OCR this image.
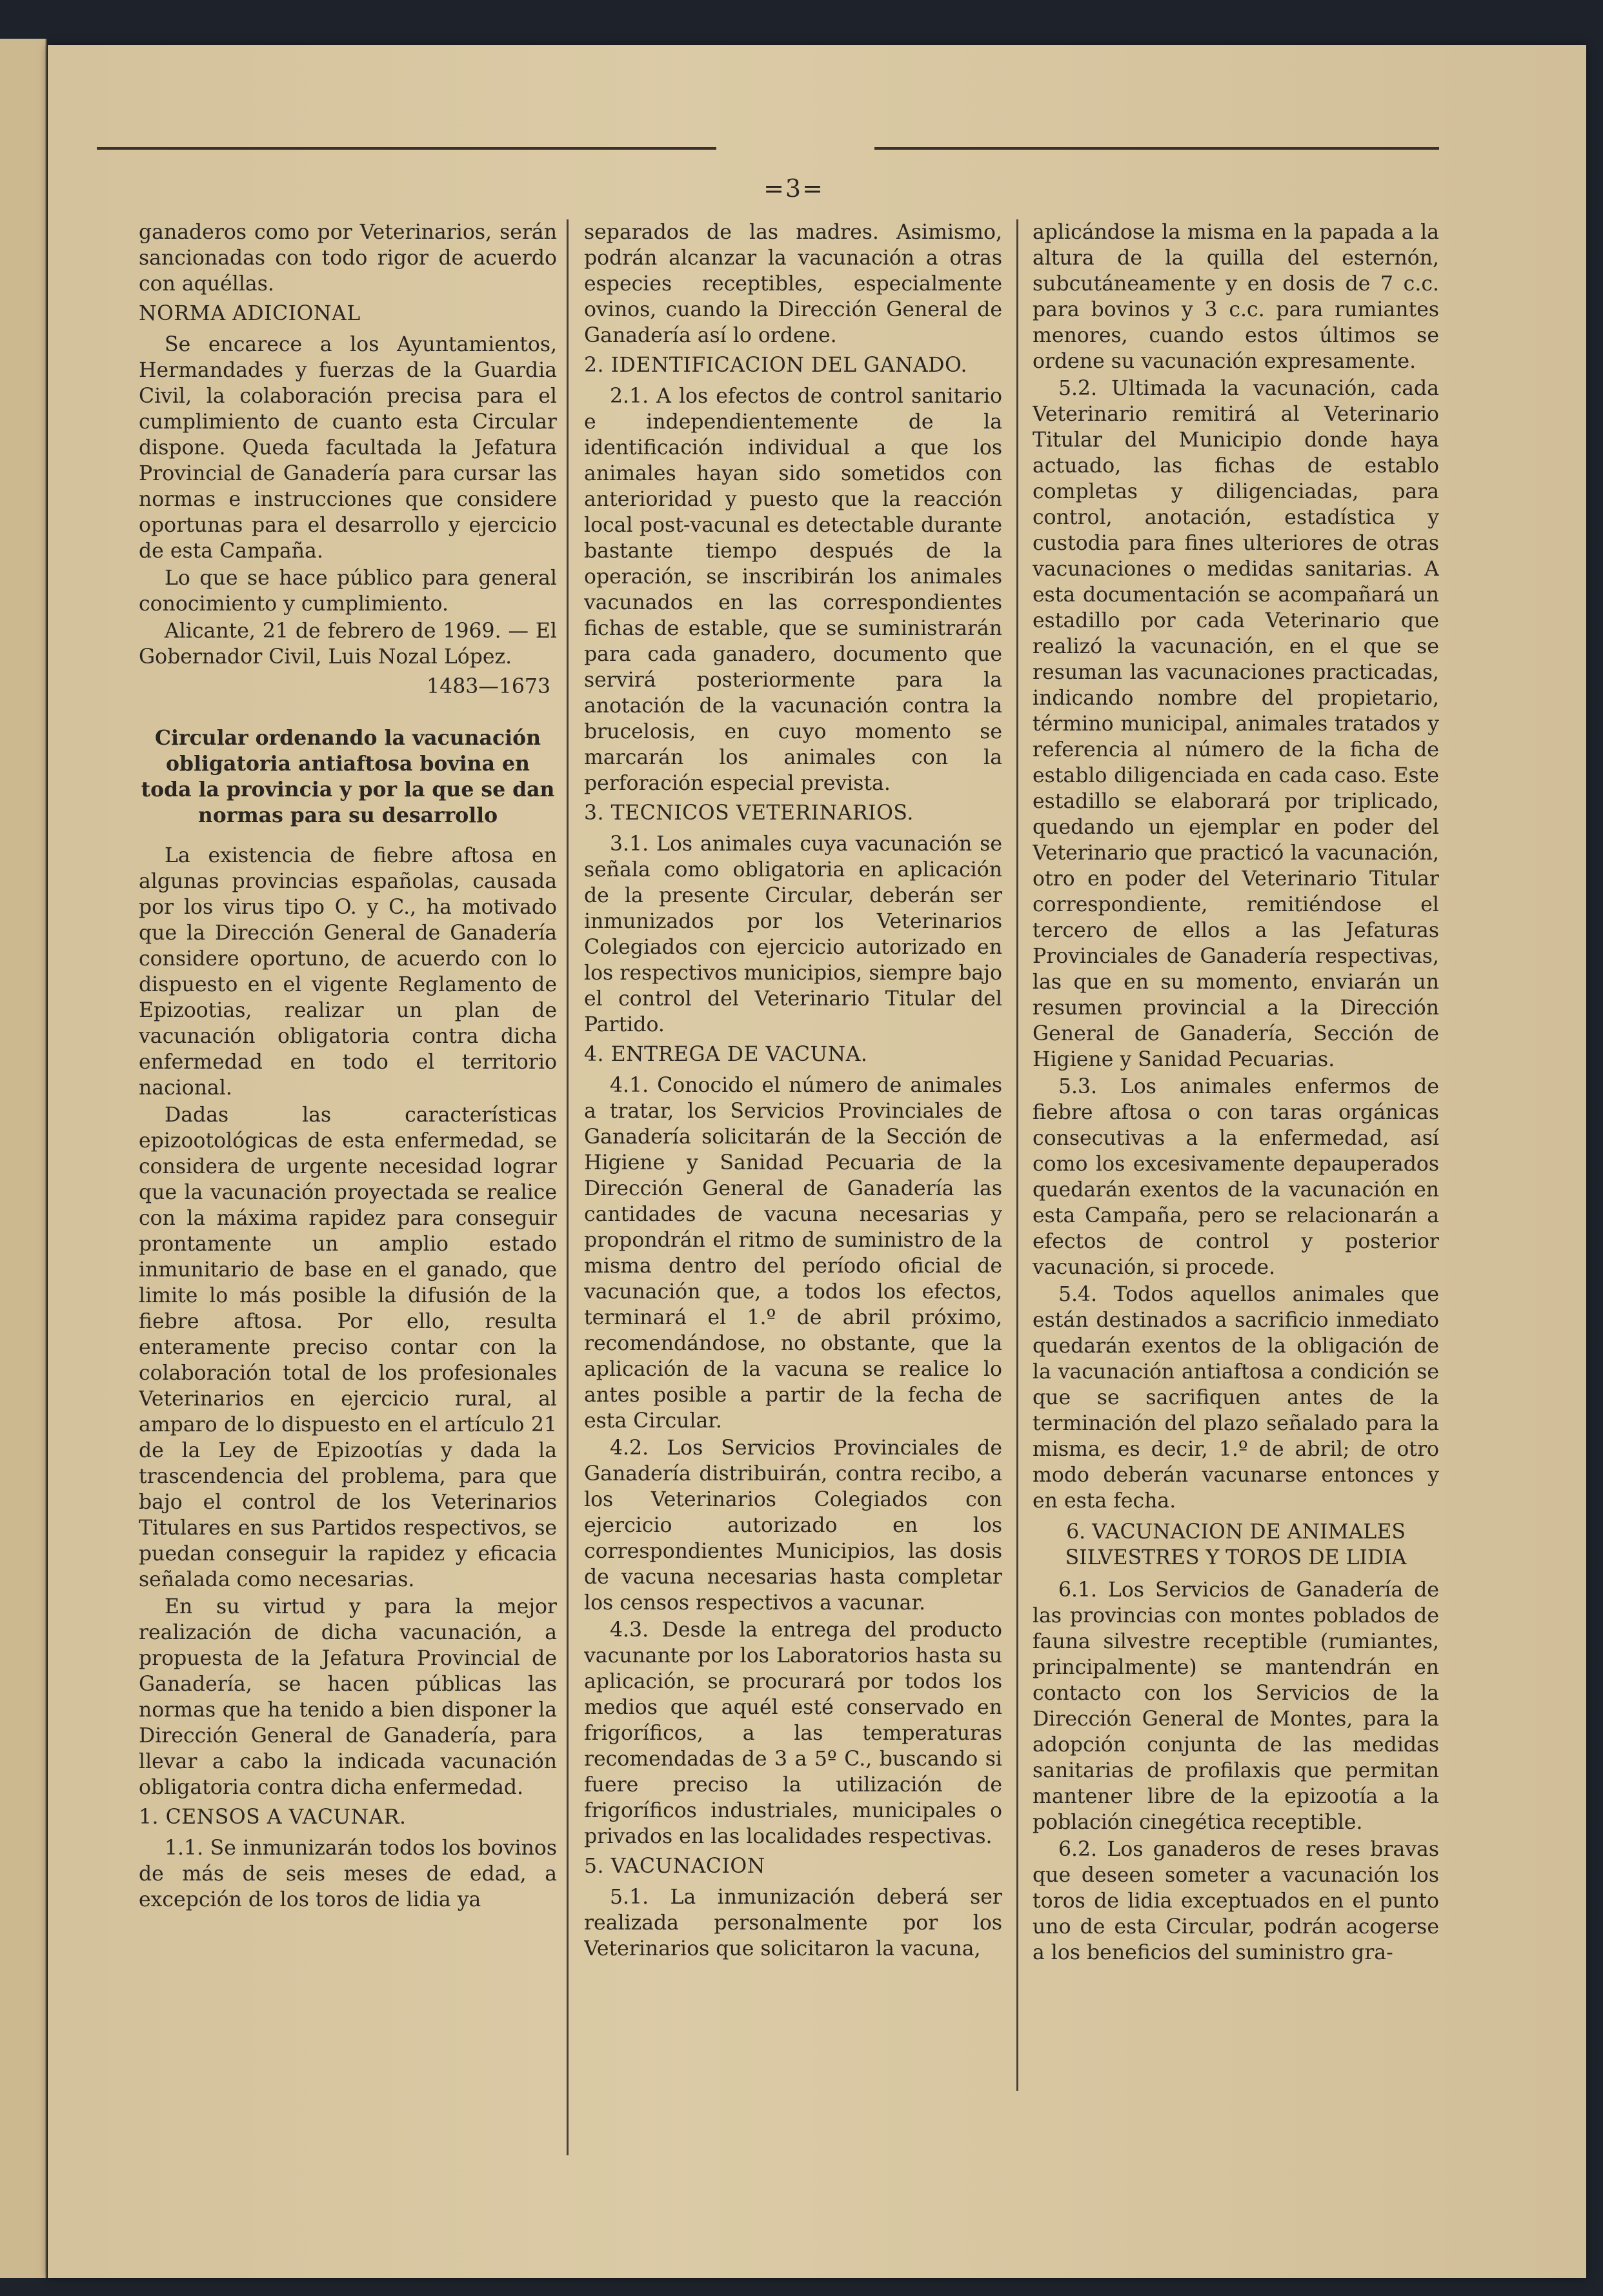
=3=

ganaderos como por Veterinarios, serán sancionadas con todo rigor de acuerdo con aquéllas.

NORMA ADICIONAL

Se encarece a los Ayuntamientos, Hermandades y fuerzas de la Guardia Civil, la colaboración precisa para el cumplimiento de cuanto esta Circular dispone. Queda facultada la Jefatura Provincial de Ganadería para cursar las normas e instrucciones que considere oportunas para el desarrollo y ejercicio de esta Campaña.

Lo que se hace público para general conocimiento y cumplimiento.

Alicante, 21 de febrero de 1969. — El Gobernador Civil, Luis Nozal López.

1483—1673

Circular ordenando la vacunación obligatoria antiaftosa bovina en toda la provincia y por la que se dan normas para su desarrollo

La existencia de fiebre aftosa en algunas provincias españolas, causada por los virus tipo O. y C., ha motivado que la Dirección General de Ganadería considere oportuno, de acuerdo con lo dispuesto en el vigente Reglamento de Epizootias, realizar un plan de vacunación obligatoria contra dicha enfermedad en todo el territorio nacional.

Dadas las características epizootológicas de esta enfermedad, se considera de urgente necesidad lograr que la vacunación proyectada se realice con la máxima rapidez para conseguir prontamente un amplio estado inmunitario de base en el ganado, que limite lo más posible la difusión de la fiebre aftosa. Por ello, resulta enteramente preciso contar con la colaboración total de los profesionales Veterinarios en ejercicio rural, al amparo de lo dispuesto en el artículo 21 de la Ley de Epizootías y dada la trascendencia del problema, para que bajo el control de los Veterinarios Titulares en sus Partidos respectivos, se puedan conseguir la rapidez y eficacia señalada como necesarias.

En su virtud y para la mejor realización de dicha vacunación, a propuesta de la Jefatura Provincial de Ganadería, se hacen públicas las normas que ha tenido a bien disponer la Dirección General de Ganadería, para llevar a cabo la indicada vacunación obligatoria contra dicha enfermedad.

1. CENSOS A VACUNAR.

1.1. Se inmunizarán todos los bovinos de más de seis meses de edad, a excepción de los toros de lidia ya

separados de las madres. Asimismo, podrán alcanzar la vacunación a otras especies receptibles, especialmente ovinos, cuando la Dirección General de Ganadería así lo ordene.

2. IDENTIFICACION DEL GANADO.

2.1. A los efectos de control sanitario e independientemente de la identificación individual a que los animales hayan sido sometidos con anterioridad y puesto que la reacción local post-vacunal es detectable durante bastante tiempo después de la operación, se inscribirán los animales vacunados en las correspondientes fichas de estable, que se suministrarán para cada ganadero, documento que servirá posteriormente para la anotación de la vacunación contra la brucelosis, en cuyo momento se marcarán los animales con la perforación especial prevista.

3. TECNICOS VETERINARIOS.

3.1. Los animales cuya vacunación se señala como obligatoria en aplicación de la presente Circular, deberán ser inmunizados por los Veterinarios Colegiados con ejercicio autorizado en los respectivos municipios, siempre bajo el control del Veterinario Titular del Partido.

4. ENTREGA DE VACUNA.

4.1. Conocido el número de animales a tratar, los Servicios Provinciales de Ganadería solicitarán de la Sección de Higiene y Sanidad Pecuaria de la Dirección General de Ganadería las cantidades de vacuna necesarias y propondrán el ritmo de suministro de la misma dentro del período oficial de vacunación que, a todos los efectos, terminará el 1.º de abril próximo, recomendándose, no obstante, que la aplicación de la vacuna se realice lo antes posible a partir de la fecha de esta Circular.

4.2. Los Servicios Provinciales de Ganadería distribuirán, contra recibo, a los Veterinarios Colegiados con ejercicio autorizado en los correspondientes Municipios, las dosis de vacuna necesarias hasta completar los censos respectivos a vacunar.

4.3. Desde la entrega del producto vacunante por los Laboratorios hasta su aplicación, se procurará por todos los medios que aquél esté conservado en frigoríficos, a las temperaturas recomendadas de 3 a 5º C., buscando si fuere preciso la utilización de frigoríficos industriales, municipales o privados en las localidades respectivas.

5. VACUNACION

5.1. La inmunización deberá ser realizada personalmente por los Veterinarios que solicitaron la vacuna,

aplicándose la misma en la papada a la altura de la quilla del esternón, subcutáneamente y en dosis de 7 c.c. para bovinos y 3 c.c. para rumiantes menores, cuando estos últimos se ordene su vacunación expresamente.

5.2. Ultimada la vacunación, cada Veterinario remitirá al Veterinario Titular del Municipio donde haya actuado, las fichas de establo completas y diligenciadas, para control, anotación, estadística y custodia para fines ulteriores de otras vacunaciones o medidas sanitarias. A esta documentación se acompañará un estadillo por cada Veterinario que realizó la vacunación, en el que se resuman las vacunaciones practicadas, indicando nombre del propietario, término municipal, animales tratados y referencia al número de la ficha de establo diligenciada en cada caso. Este estadillo se elaborará por triplicado, quedando un ejemplar en poder del Veterinario que practicó la vacunación, otro en poder del Veterinario Titular correspondiente, remitiéndose el tercero de ellos a las Jefaturas Provinciales de Ganadería respectivas, las que en su momento, enviarán un resumen provincial a la Dirección General de Ganadería, Sección de Higiene y Sanidad Pecuarias.

5.3. Los animales enfermos de fiebre aftosa o con taras orgánicas consecutivas a la enfermedad, así como los excesivamente depauperados quedarán exentos de la vacunación en esta Campaña, pero se relacionarán a efectos de control y posterior vacunación, si procede.

5.4. Todos aquellos animales que están destinados a sacrificio inmediato quedarán exentos de la obligación de la vacunación antiaftosa a condición se que se sacrifiquen antes de la terminación del plazo señalado para la misma, es decir, 1.º de abril; de otro modo deberán vacunarse entonces y en esta fecha.

6. VACUNACION DE ANIMALES SILVESTRES Y TOROS DE LIDIA

6.1. Los Servicios de Ganadería de las provincias con montes poblados de fauna silvestre receptible (rumiantes, principalmente) se mantendrán en contacto con los Servicios de la Dirección General de Montes, para la adopción conjunta de las medidas sanitarias de profilaxis que permitan mantener libre de la epizootía a la población cinegética receptible.

6.2. Los ganaderos de reses bravas que deseen someter a vacunación los toros de lidia exceptuados en el punto uno de esta Circular, podrán acogerse a los beneficios del suministro gra-
